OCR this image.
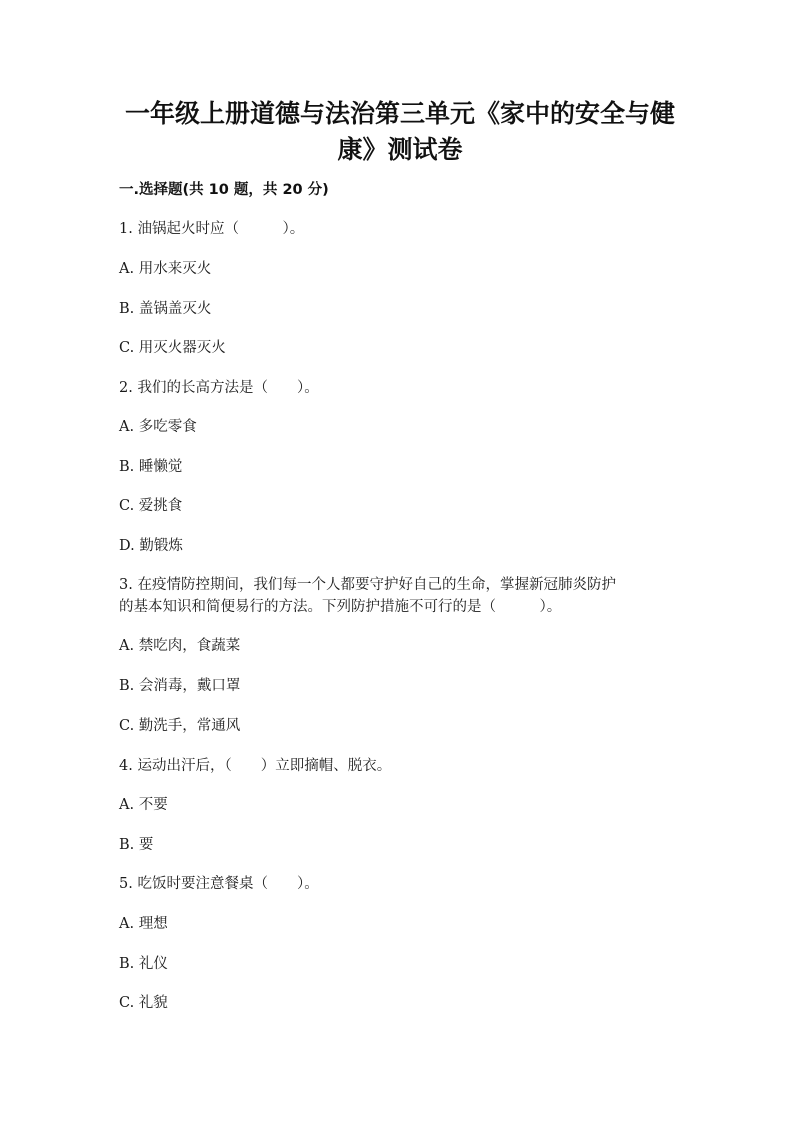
一年级上册道德与法治第三单元《家中的安全与健
康》测试卷
一.选择题(共 10 题，共 20 分)
1. 油锅起火时应（　　　）。
A. 用水来灭火
B. 盖锅盖灭火
C. 用灭火器灭火
2. 我们的长高方法是（　　）。
A. 多吃零食
B. 睡懒觉
C. 爱挑食
D. 勤锻炼
3. 在疫情防控期间，我们每一个人都要守护好自己的生命，掌握新冠肺炎防护
的基本知识和简便易行的方法。下列防护措施不可行的是（　　　）。
A. 禁吃肉，食蔬菜
B. 会消毒，戴口罩
C. 勤洗手，常通风
4. 运动出汗后，（　　）立即摘帽、脱衣。
A. 不要
B. 要
5. 吃饭时要注意餐桌（　　）。
A. 理想
B. 礼仪
C. 礼貌
